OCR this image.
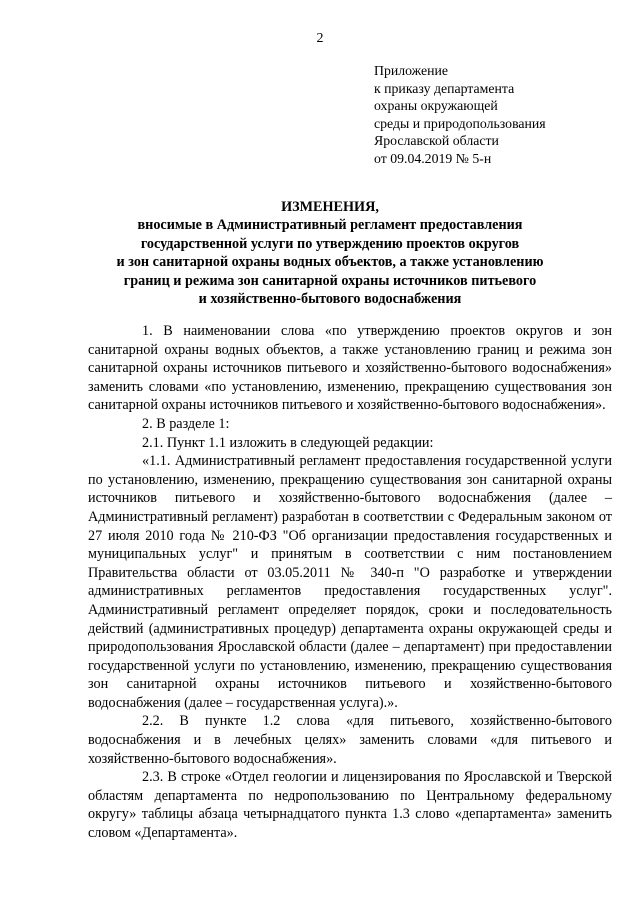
2
Приложение
к приказу департамента
охраны окружающей
среды и природопользования
Ярославской области
от 09.04.2019 № 5-н
ИЗМЕНЕНИЯ,
вносимые в Административный регламент предоставления
государственной услуги по утверждению проектов округов
и зон санитарной охраны водных объектов, а также установлению
границ и режима зон санитарной охраны источников питьевого
и хозяйственно-бытового водоснабжения

1. В наименовании слова «по утверждению проектов округов и зон санитарной охраны водных объектов, а также установлению границ и режима зон санитарной охраны источников питьевого и хозяйственно-бытового водоснабжения» заменить словами «по установлению, изменению, прекращению существования зон санитарной охраны источников питьевого и хозяйственно-бытового водоснабжения».

2. В разделе 1:

2.1. Пункт 1.1 изложить в следующей редакции:

«1.1. Административный регламент предоставления государственной услуги по установлению, изменению, прекращению существования зон санитарной охраны источников питьевого и хозяйственно-бытового водоснабжения (далее – Административный регламент) разработан в соответствии с Федеральным законом от 27 июля 2010 года № 210-ФЗ "Об организации предоставления государственных и муниципальных услуг" и принятым в соответствии с ним постановлением Правительства области от 03.05.2011 № 340-п "О разработке и утверждении административных регламентов предоставления государственных услуг". Административный регламент определяет порядок, сроки и последовательность действий (административных процедур) департамента охраны окружающей среды и природопользования Ярославской области (далее – департамент) при предоставлении государственной услуги по установлению, изменению, прекращению существования зон санитарной охраны источников питьевого и хозяйственно-бытового водоснабжения (далее – государственная услуга).».

2.2. В пункте 1.2 слова «для питьевого, хозяйственно-бытового водоснабжения и в лечебных целях» заменить словами «для питьевого и хозяйственно-бытового водоснабжения».

2.3. В строке «Отдел геологии и лицензирования по Ярославской и Тверской областям департамента по недропользованию по Центральному федеральному округу» таблицы абзаца четырнадцатого пункта 1.3 слово «департамента» заменить словом «Департамента».
